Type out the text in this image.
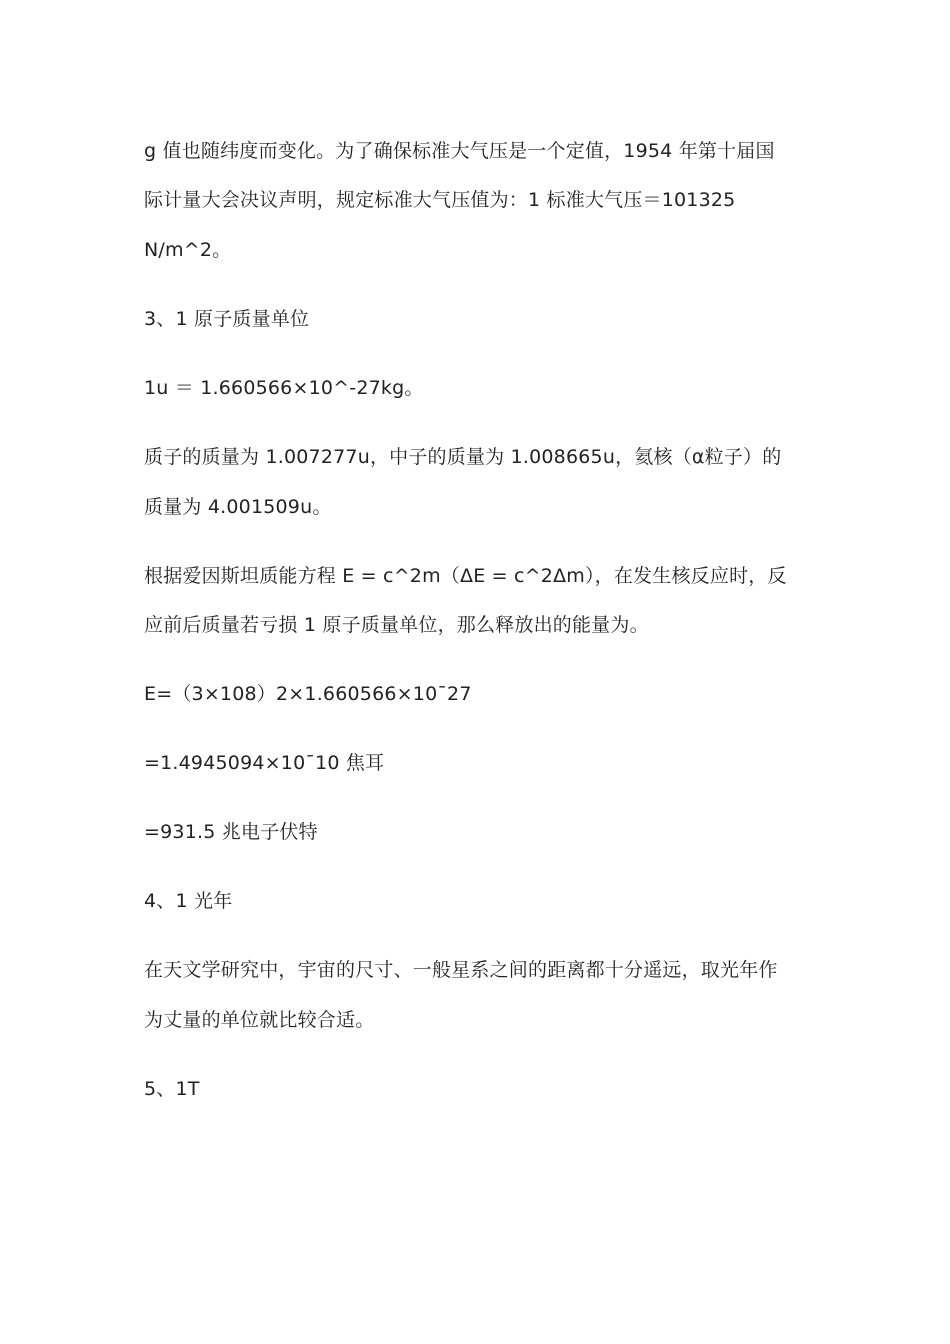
g 值也随纬度而变化。为了确保标准大气压是一个定值，1954 年第十届国
际计量大会决议声明，规定标准大气压值为：1 标准大气压＝101325
N/m^2。
3、1 原子质量单位
1u ＝ 1.660566×10^-27kg。
质子的质量为 1.007277u，中子的质量为 1.008665u，氦核（α粒子）的
质量为 4.001509u。
根据爱因斯坦质能方程 E = c^2m（ΔE = c^2Δm），在发生核反应时，反
应前后质量若亏损 1 原子质量单位，那么释放出的能量为。
E=（3×108）2×1.660566×10¯27
=1.4945094×10¯10 焦耳
=931.5 兆电子伏特
4、1 光年
在天文学研究中，宇宙的尺寸、一般星系之间的距离都十分遥远，取光年作
为丈量的单位就比较合适。
5、1T
